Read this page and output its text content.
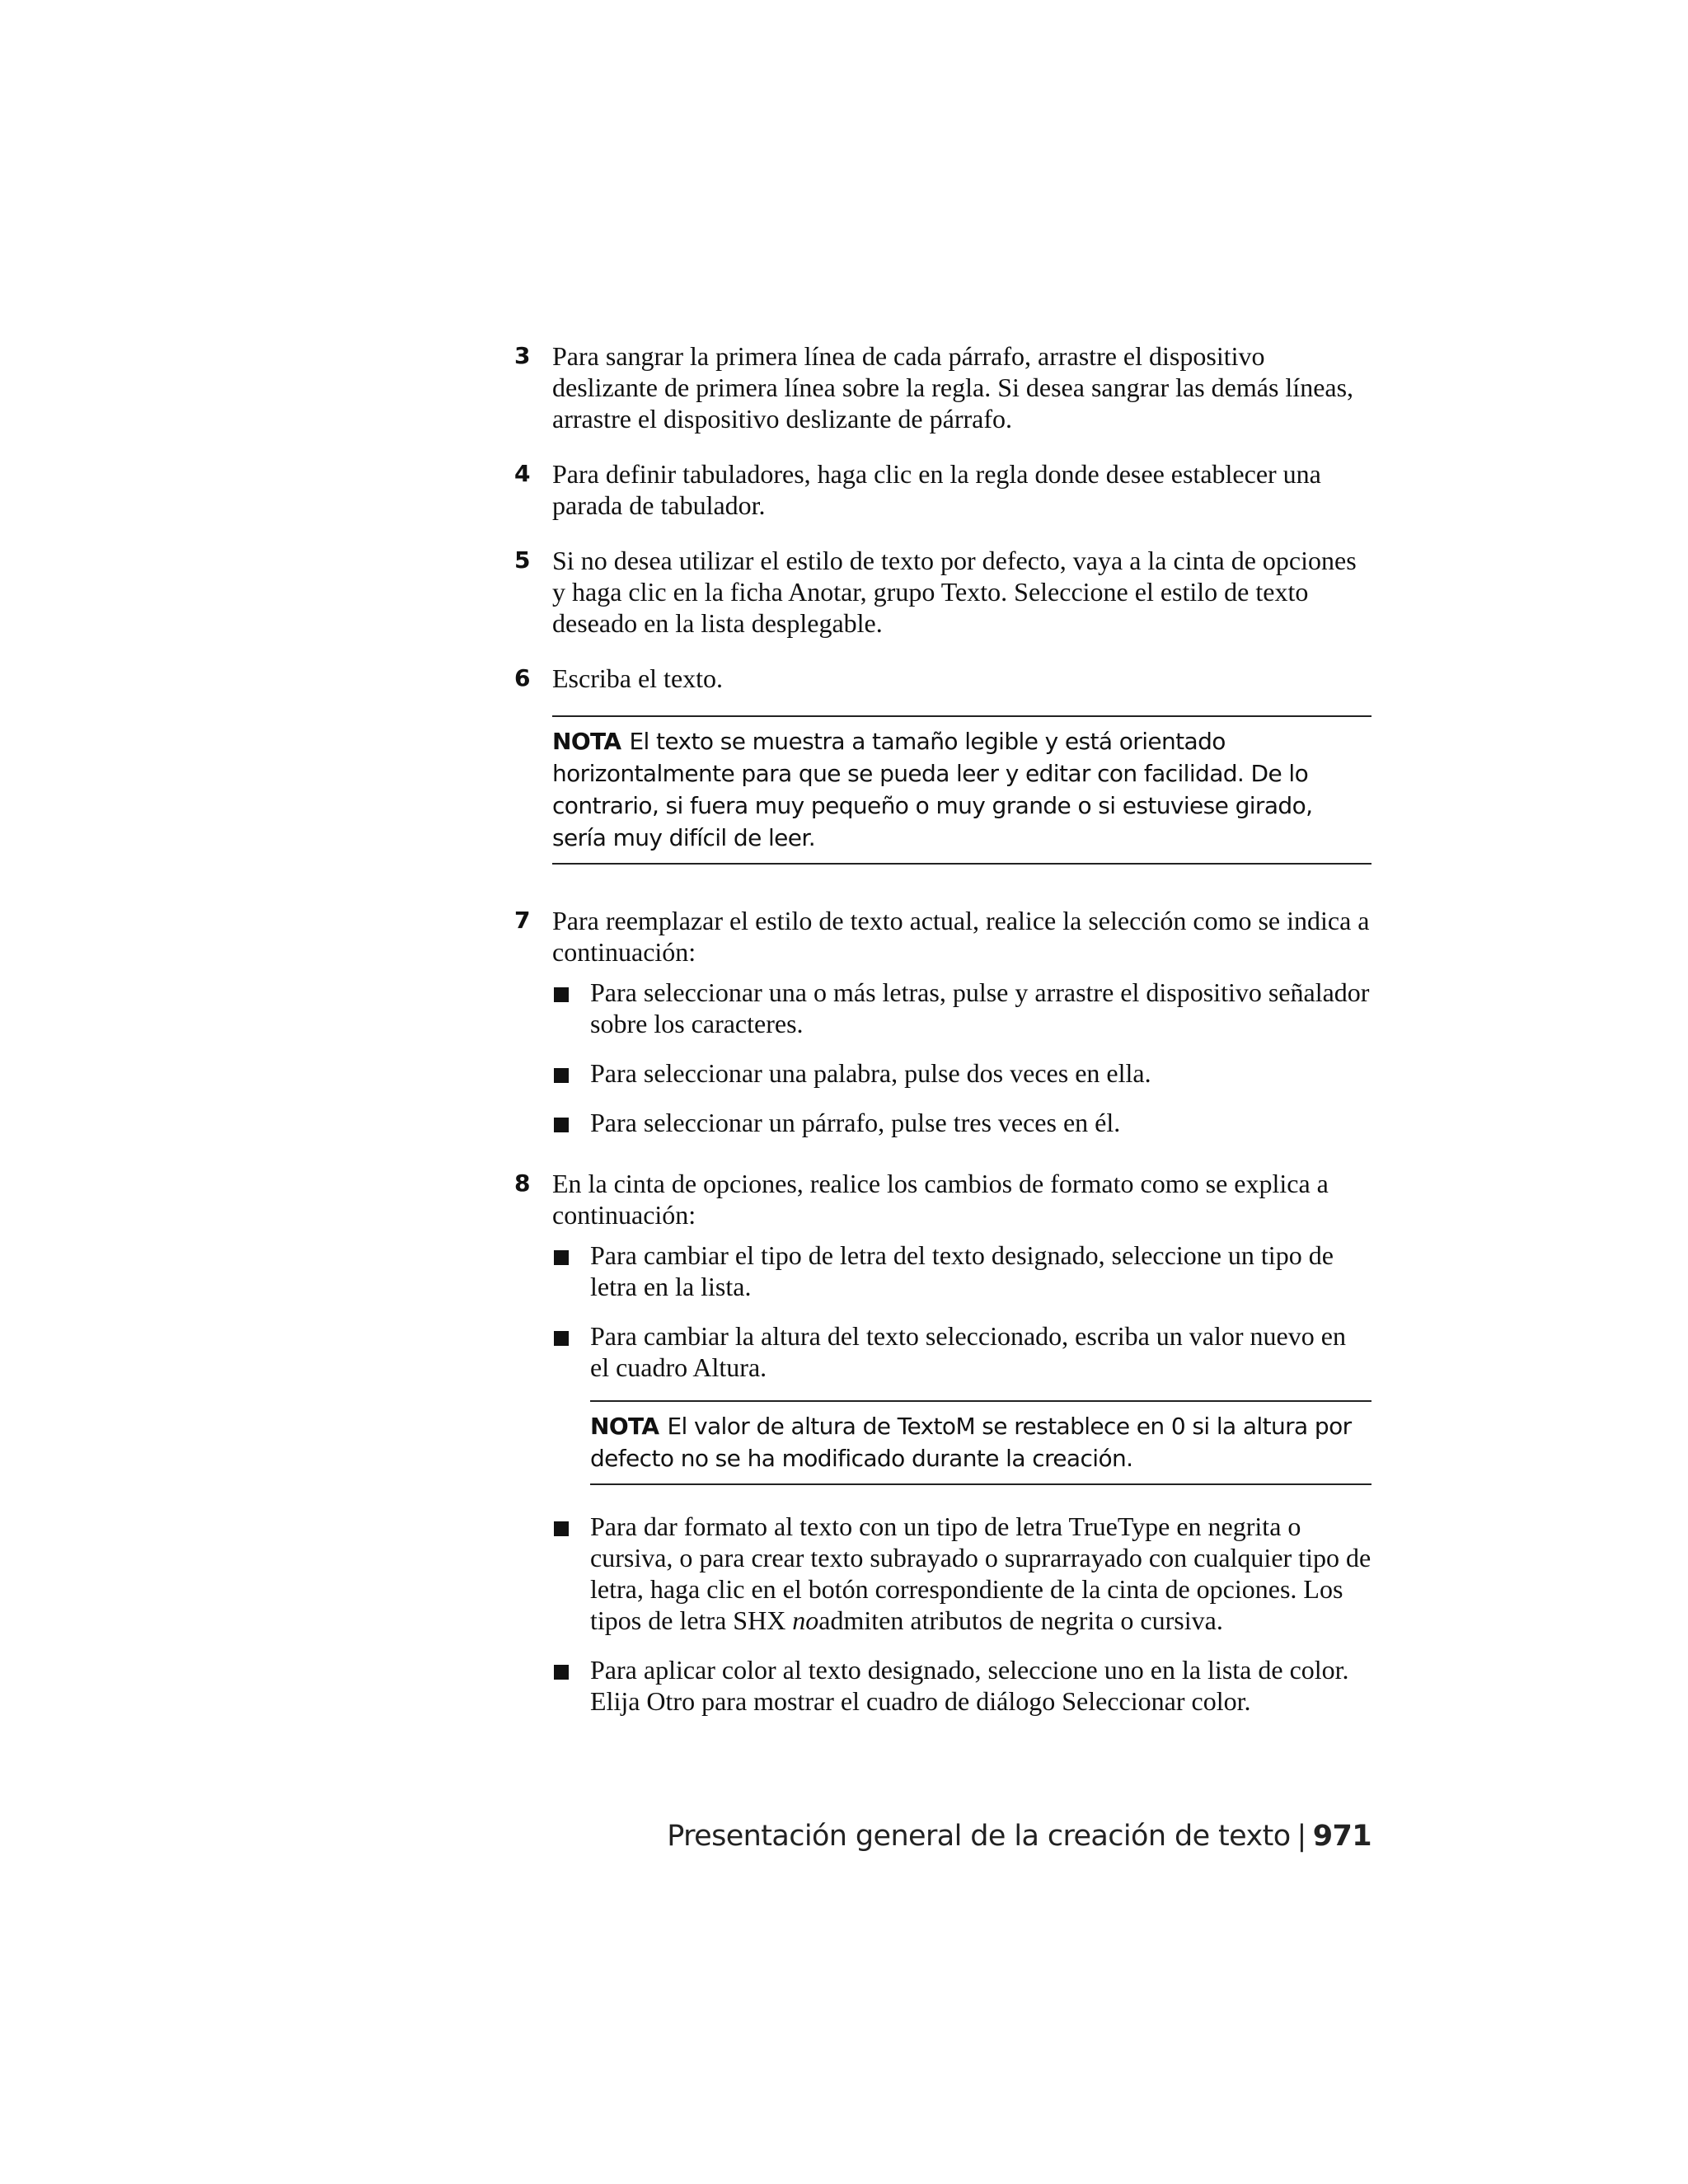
3 Para sangrar la primera línea de cada párrafo, arrastre el dispositivo deslizante de primera línea sobre la regla. Si desea sangrar las demás líneas, arrastre el dispositivo deslizante de párrafo.

4 Para definir tabuladores, haga clic en la regla donde desee establecer una parada de tabulador.

5 Si no desea utilizar el estilo de texto por defecto, vaya a la cinta de opciones y haga clic en la ficha Anotar, grupo Texto. Seleccione el estilo de texto deseado en la lista desplegable.

6 Escriba el texto.

NOTA El texto se muestra a tamaño legible y está orientado horizontalmente para que se pueda leer y editar con facilidad. De lo contrario, si fuera muy pequeño o muy grande o si estuviese girado, sería muy difícil de leer.
7 Para reemplazar el estilo de texto actual, realice la selección como se indica a continuación:

Para seleccionar una o más letras, pulse y arrastre el dispositivo señalador sobre los caracteres.
Para seleccionar una palabra, pulse dos veces en ella.
Para seleccionar un párrafo, pulse tres veces en él.
8 En la cinta de opciones, realice los cambios de formato como se explica a continuación:

Para cambiar el tipo de letra del texto designado, seleccione un tipo de letra en la lista.
Para cambiar la altura del texto seleccionado, escriba un valor nuevo en el cuadro Altura.
NOTA El valor de altura de TextoM se restablece en 0 si la altura por defecto no se ha modificado durante la creación.
Para dar formato al texto con un tipo de letra TrueType en negrita o cursiva, o para crear texto subrayado o suprarrayado con cualquier tipo de letra, haga clic en el botón correspondiente de la cinta de opciones. Los tipos de letra SHX noadmiten atributos de negrita o cursiva.
Para aplicar color al texto designado, seleccione uno en la lista de color. Elija Otro para mostrar el cuadro de diálogo Seleccionar color.
Presentación general de la creación de texto | 971
